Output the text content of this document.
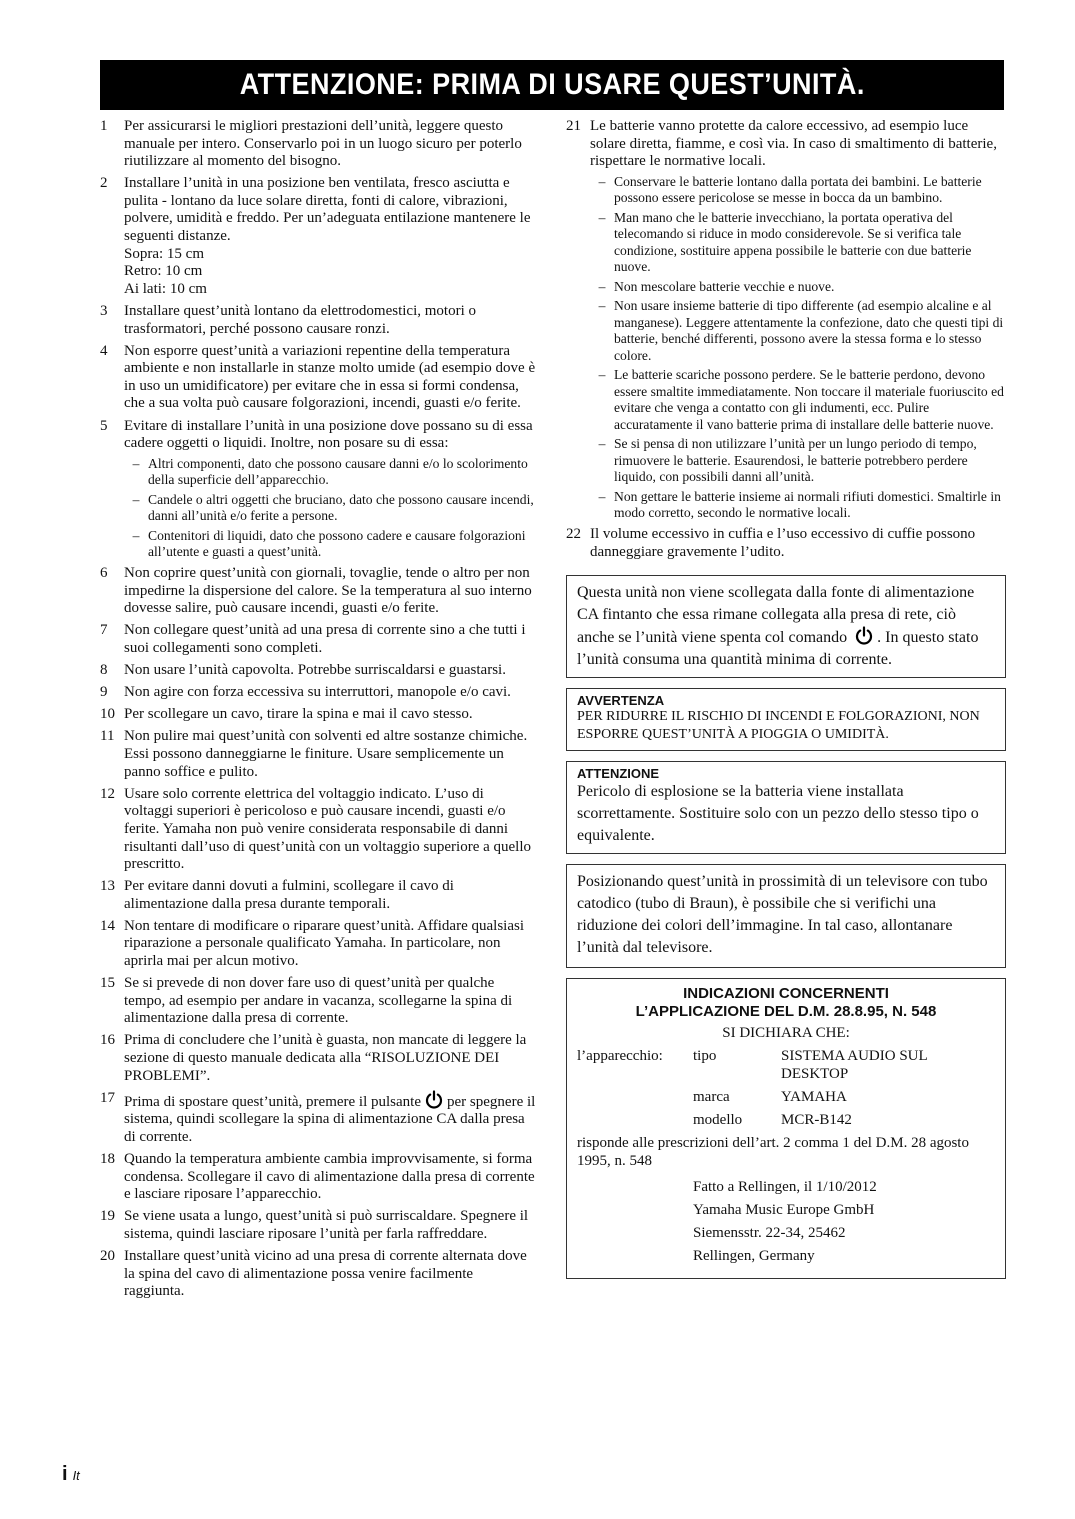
ATTENZIONE: PRIMA DI USARE QUEST’UNITÀ.
1	Per assicurarsi le migliori prestazioni dell’unità, leggere questo manuale per intero. Conservarlo poi in un luogo sicuro per poterlo riutilizzare al momento del bisogno.
2	Installare l’unità in una posizione ben ventilata, fresco asciutta e pulita - lontano da luce solare diretta, fonti di calore, vibrazioni, polvere, umidità e freddo. Per un’adeguata entilazione mantenere le seguenti distanze.
Sopra: 15 cm
Retro: 10 cm
Ai lati: 10 cm
3	Installare quest’unità lontano da elettrodomestici, motori o trasformatori, perché possono causare ronzi.
4	Non esporre quest’unità a variazioni repentine della temperatura ambiente e non installarle in stanze molto umide (ad esempio dove è in uso un umidificatore) per evitare che in essa si formi condensa, che a sua volta può causare folgorazioni, incendi, guasti e/o ferite.
5	Evitare di installare l’unità in una posizione dove possano su di essa cadere oggetti o liquidi. Inoltre, non posare su di essa:
– Altri componenti, dato che possono causare danni e/o lo scolorimento della superficie dell’apparecchio.
– Candele o altri oggetti che bruciano, dato che possono causare incendi, danni all’unità e/o ferite a persone.
– Contenitori di liquidi, dato che possono cadere e causare folgorazioni all’utente e guasti a quest’unità.
6	Non coprire quest’unità con giornali, tovaglie, tende o altro per non impedirne la dispersione del calore. Se la temperatura al suo interno dovesse salire, può causare incendi, guasti e/o ferite.
7	Non collegare quest’unità ad una presa di corrente sino a che tutti i suoi collegamenti sono completi.
8	Non usare l’unità capovolta. Potrebbe surriscaldarsi e guastarsi.
9	Non agire con forza eccessiva su interruttori, manopole e/o cavi.
10 Per scollegare un cavo, tirare la spina e mai il cavo stesso.
11 Non pulire mai quest’unità con solventi ed altre sostanze chimiche. Essi possono danneggiarne le finiture. Usare semplicemente un panno soffice e pulito.
12 Usare solo corrente elettrica del voltaggio indicato. L’uso di voltaggi superiori è pericoloso e può causare incendi, guasti e/o ferite. Yamaha non può venire considerata responsabile di danni risultanti dall’uso di quest’unità con un voltaggio superiore a quello prescritto.
13 Per evitare danni dovuti a fulmini, scollegare il cavo di alimentazione dalla presa durante temporali.
14 Non tentare di modificare o riparare quest’unità. Affidare qualsiasi riparazione a personale qualificato Yamaha. In particolare, non aprirla mai per alcun motivo.
15 Se si prevede di non dover fare uso di quest’unità per qualche tempo, ad esempio per andare in vacanza, scollegarne la spina di alimentazione dalla presa di corrente.
16 Prima di concludere che l’unità è guasta, non mancate di leggere la sezione di questo manuale dedicata alla “RISOLUZIONE DEI PROBLEMI”.
17 Prima di spostare quest’unità, premere il pulsante per spegnere il sistema, quindi scollegare la spina di alimentazione CA dalla presa di corrente.
18 Quando la temperatura ambiente cambia improvvisamente, si forma condensa. Scollegare il cavo di alimentazione dalla presa di corrente e lasciare riposare l’apparecchio.
19 Se viene usata a lungo, quest’unità si può surriscaldare. Spegnere il sistema, quindi lasciare riposare l’unità per farla raffreddare.
20 Installare quest’unità vicino ad una presa di corrente alternata dove la spina del cavo di alimentazione possa venire facilmente raggiunta.
21 Le batterie vanno protette da calore eccessivo, ad esempio luce solare diretta, fiamme, e così via. In caso di smaltimento di batterie, rispettare le normative locali.
– Conservare le batterie lontano dalla portata dei bambini. Le batterie possono essere pericolose se messe in bocca da un bambino.
– Man mano che le batterie invecchiano, la portata operativa del telecomando si riduce in modo considerevole. Se si verifica tale condizione, sostituire appena possibile le batterie con due batterie nuove.
– Non mescolare batterie vecchie e nuove.
– Non usare insieme batterie di tipo differente (ad esempio alcaline e al manganese). Leggere attentamente la confezione, dato che questi tipi di batterie, benché differenti, possono avere la stessa forma e lo stesso colore.
– Le batterie scariche possono perdere. Se le batterie perdono, devono essere smaltite immediatamente. Non toccare il materiale fuoriuscito ed evitare che venga a contatto con gli indumenti, ecc. Pulire accuratamente il vano batterie prima di installare delle batterie nuove.
– Se si pensa di non utilizzare l’unità per un lungo periodo di tempo, rimuovere le batterie. Esaurendosi, le batterie potrebbero perdere liquido, con possibili danni all’unità.
– Non gettare le batterie insieme ai normali rifiuti domestici. Smaltirle in modo corretto, secondo le normative locali.
22 Il volume eccessivo in cuffia e l’uso eccessivo di cuffie possono danneggiare gravemente l’udito.
Questa unità non viene scollegata dalla fonte di alimentazione CA fintanto che essa rimane collegata alla presa di rete, ciò anche se l’unità viene spenta col comando . In questo stato l’unità consuma una quantità minima di corrente.
AVVERTENZA
PER RIDURRE IL RISCHIO DI INCENDI E FOLGORAZIONI, NON ESPORRE QUEST’UNITÀ A PIOGGIA O UMIDITÀ.
ATTENZIONE
Pericolo di esplosione se la batteria viene installata scorrettamente. Sostituire solo con un pezzo dello stesso tipo o equivalente.
Posizionando quest’unità in prossimità di un televisore con tubo catodico (tubo di Braun), è possibile che si verifichi una riduzione dei colori dell’immagine. In tal caso, allontanare l’unità dal televisore.
INDICAZIONI CONCERNENTI
L’APPLICAZIONE DEL D.M. 28.8.95, N. 548
SI DICHIARA CHE:
l’apparecchio:	tipo	SISTEMA AUDIO SUL DESKTOP
marca	YAMAHA
modello	MCR-B142
risponde alle prescrizioni dell’art. 2 comma 1 del D.M. 28 agosto 1995, n. 548
Fatto a Rellingen, il 1/10/2012
Yamaha Music Europe GmbH
Siemensstr. 22-34, 25462
Rellingen, Germany
i It
